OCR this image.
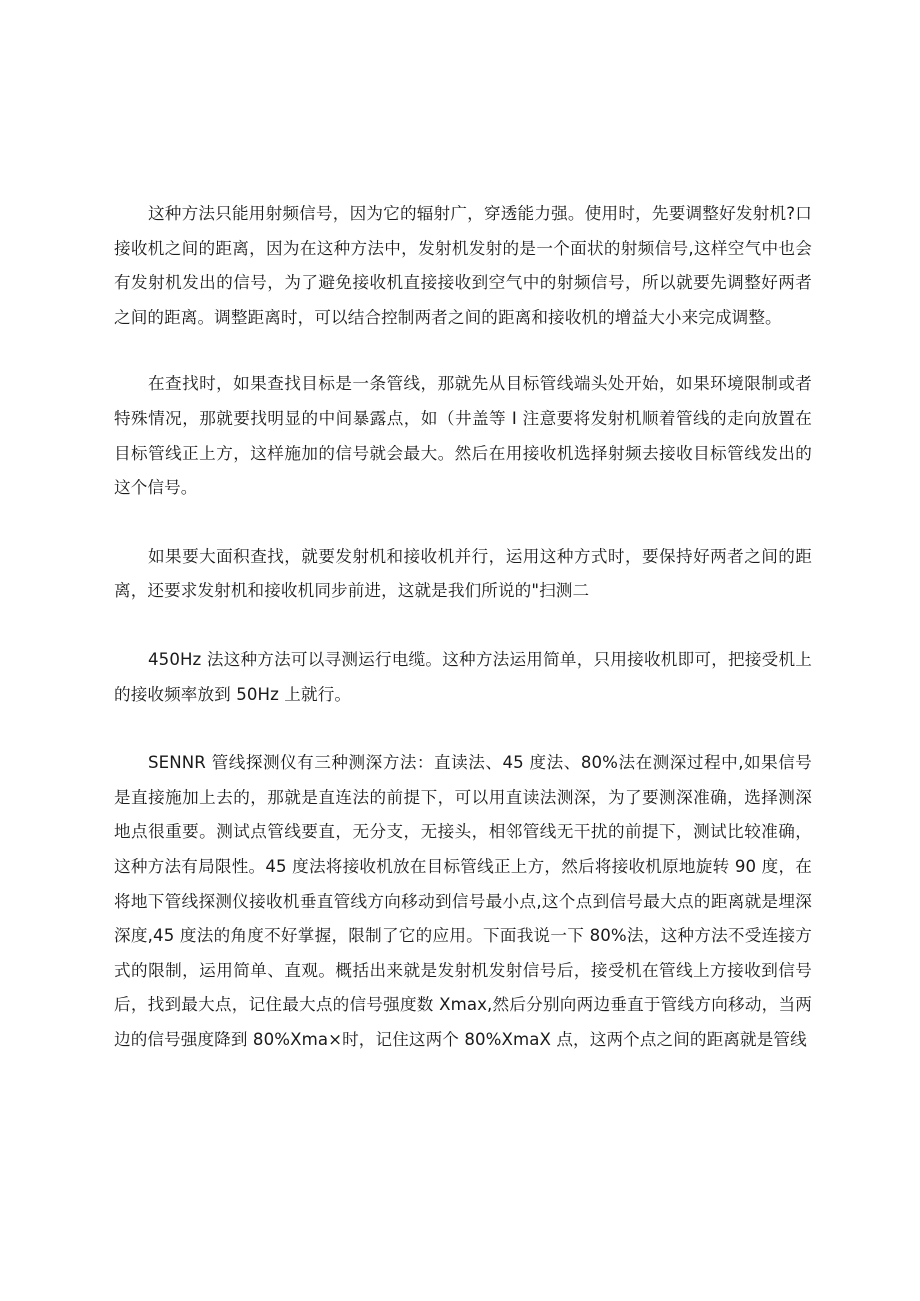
这种方法只能用射频信号，因为它的辐射广，穿透能力强。使用时，先要调整好发射机?口接收机之间的距离，因为在这种方法中，发射机发射的是一个面状的射频信号,这样空气中也会有发射机发出的信号，为了避免接收机直接接收到空气中的射频信号，所以就要先调整好两者之间的距离。调整距离时，可以结合控制两者之间的距离和接收机的增益大小来完成调整。

在查找时，如果查找目标是一条管线，那就先从目标管线端头处开始，如果环境限制或者特殊情况，那就要找明显的中间暴露点，如（井盖等 I 注意要将发射机顺着管线的走向放置在目标管线正上方，这样施加的信号就会最大。然后在用接收机选择射频去接收目标管线发出的这个信号。

如果要大面积查找，就要发射机和接收机并行，运用这种方式时，要保持好两者之间的距离，还要求发射机和接收机同步前进，这就是我们所说的"扫测二

450Hz 法这种方法可以寻测运行电缆。这种方法运用简单，只用接收机即可，把接受机上的接收频率放到 50Hz 上就行。

SENNR 管线探测仪有三种测深方法：直读法、45 度法、80%法在测深过程中,如果信号是直接施加上去的，那就是直连法的前提下，可以用直读法测深，为了要测深准确，选择测深地点很重要。测试点管线要直，无分支，无接头，相邻管线无干扰的前提下，测试比较准确，这种方法有局限性。45 度法将接收机放在目标管线正上方，然后将接收机原地旋转 90 度，在将地下管线探测仪接收机垂直管线方向移动到信号最小点,这个点到信号最大点的距离就是埋深深度,45 度法的角度不好掌握，限制了它的应用。下面我说一下 80%法，这种方法不受连接方式的限制，运用简单、直观。概括出来就是发射机发射信号后，接受机在管线上方接收到信号后，找到最大点，记住最大点的信号强度数 Xmax,然后分别向两边垂直于管线方向移动，当两边的信号强度降到 80%Xma×时，记住这两个 80%XmaX 点，这两个点之间的距离就是管线
